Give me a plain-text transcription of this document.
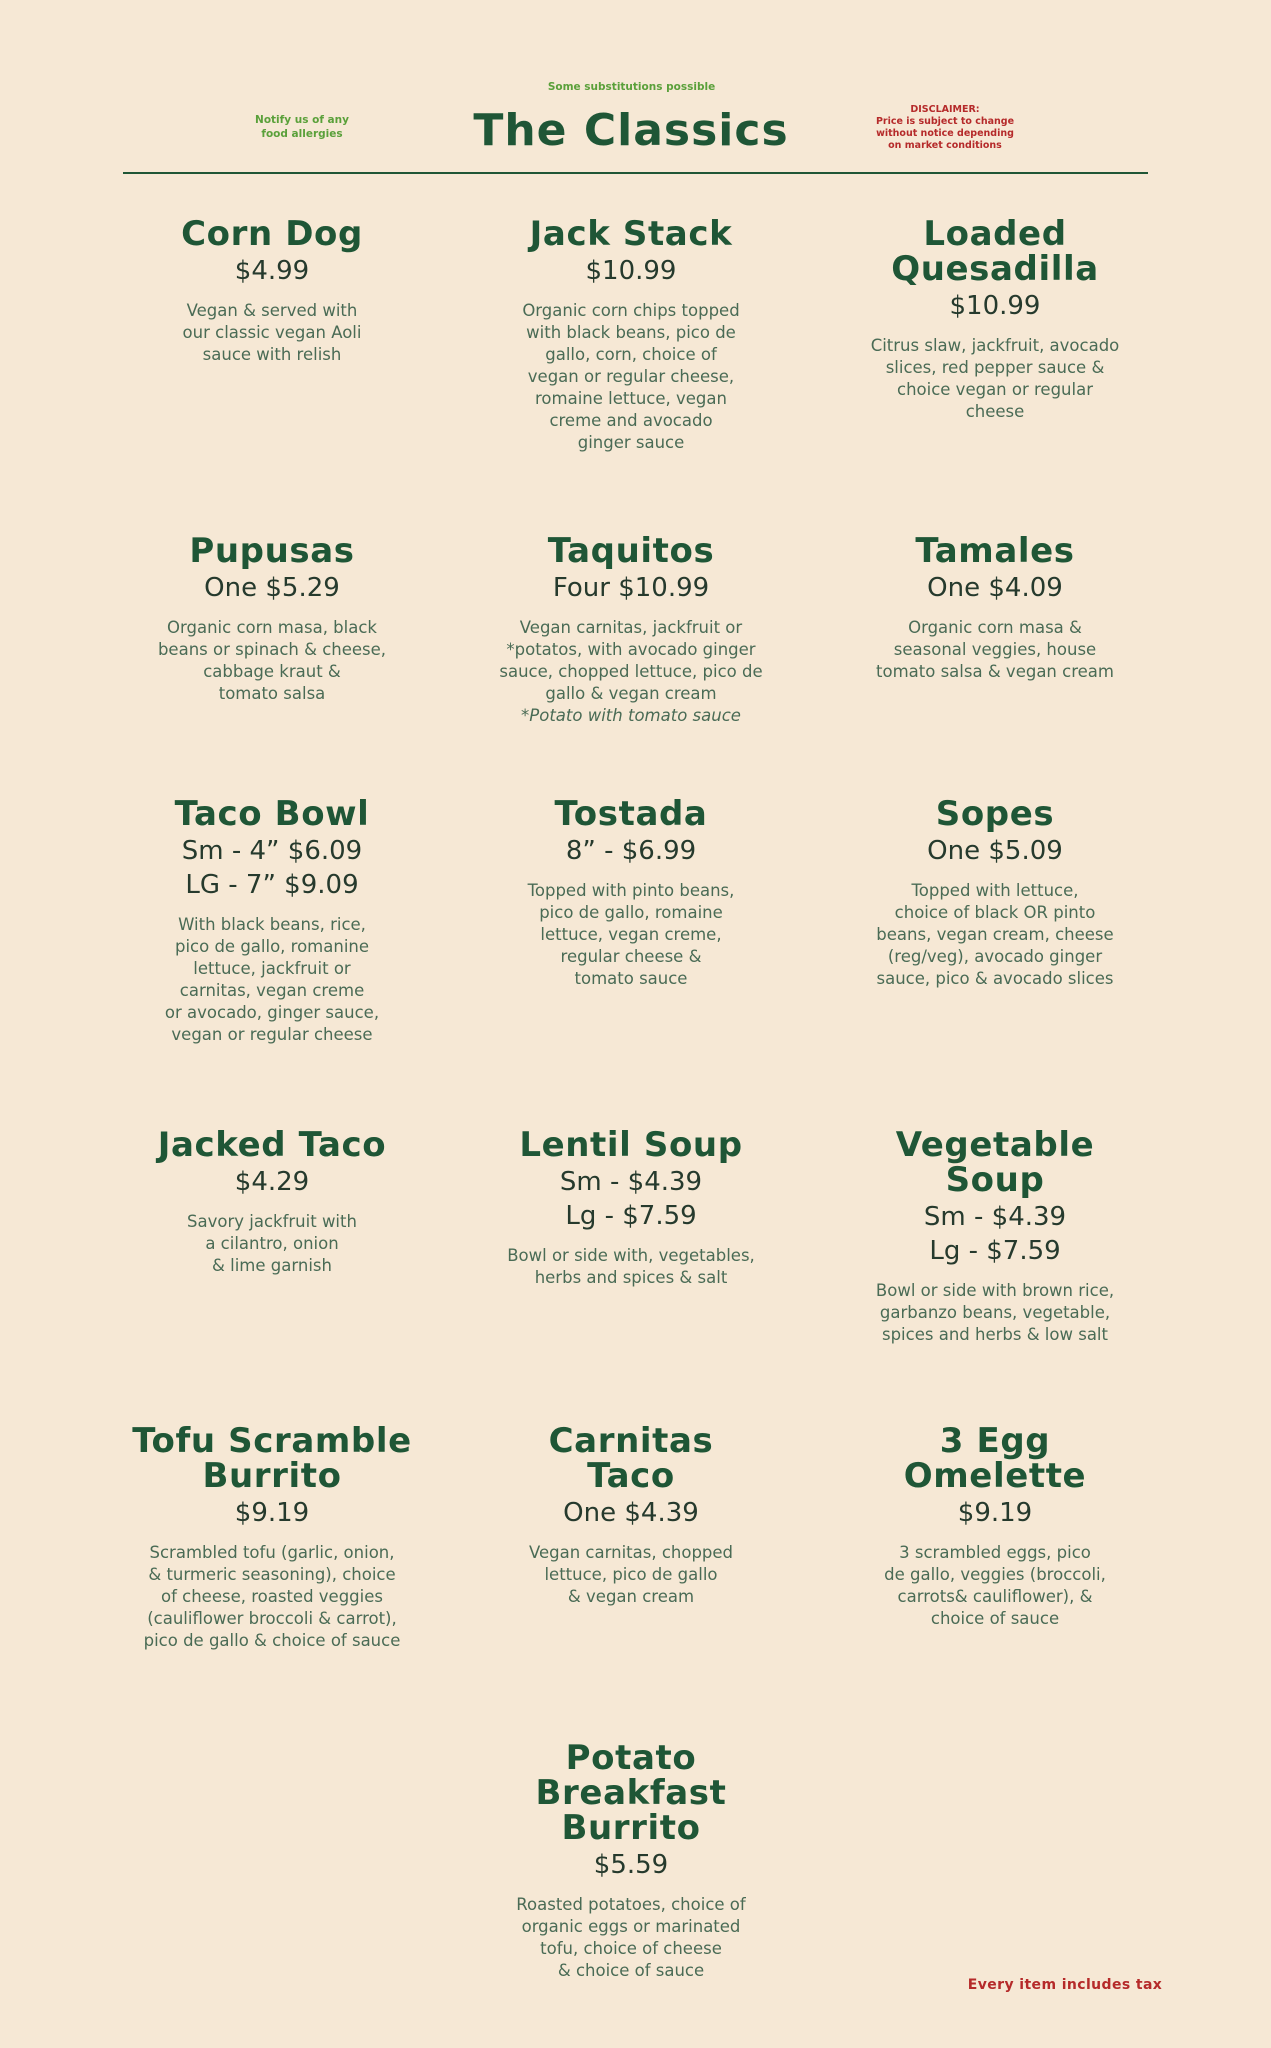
Some substitutions possible
Notify us of any
food allergies	The Classics	DISCLAIMER:
Price is subject to change
without notice depending
on market conditions
Corn Dog
$4.99
Vegan & served with
our classic vegan Aoli
sauce with relish
Jack Stack
$10.99
Organic corn chips topped
with black beans, pico de
gallo, corn, choice of
vegan or regular cheese,
romaine lettuce, vegan
creme and avocado
ginger sauce
Loaded
Quesadilla
$10.99
Citrus slaw, jackfruit, avocado
slices, red pepper sauce &
choice vegan or regular
cheese
Pupusas
One $5.29
Organic corn masa, black
beans or spinach & cheese,
cabbage kraut &
tomato salsa
Taquitos
Four $10.99
Vegan carnitas, jackfruit or
*potatos, with avocado ginger
sauce, chopped lettuce, pico de
gallo & vegan cream
*Potato with tomato sauce
Tamales
One $4.09
Organic corn masa &
seasonal veggies, house
tomato salsa & vegan cream
Taco Bowl
Sm - 4” $6.09
LG - 7” $9.09
With black beans, rice,
pico de gallo, romanine
lettuce, jackfruit or
carnitas, vegan creme
or avocado, ginger sauce,
vegan or regular cheese
Tostada
8” - $6.99
Topped with pinto beans,
pico de gallo, romaine
lettuce, vegan creme,
regular cheese &
tomato sauce
Sopes
One $5.09
Topped with lettuce,
choice of black OR pinto
beans, vegan cream, cheese
(reg/veg), avocado ginger
sauce, pico & avocado slices
Jacked Taco
$4.29
Savory jackfruit with
a cilantro, onion
& lime garnish
Lentil Soup
Sm - $4.39
Lg - $7.59
Bowl or side with, vegetables,
herbs and spices & salt
Vegetable
Soup
Sm - $4.39
Lg - $7.59
Bowl or side with brown rice,
garbanzo beans, vegetable,
spices and herbs & low salt
Tofu Scramble
Burrito
$9.19
Scrambled tofu (garlic, onion,
& turmeric seasoning), choice
of cheese, roasted veggies
(cauliflower broccoli & carrot),
pico de gallo & choice of sauce
Carnitas
Taco
One $4.39
Vegan carnitas, chopped
lettuce, pico de gallo
& vegan cream
3 Egg
Omelette
$9.19
3 scrambled eggs, pico
de gallo, veggies (broccoli,
carrots& cauliflower), &
choice of sauce
Potato Breakfast
Burrito
$5.59
Roasted potatoes, choice of
organic eggs or marinated
tofu, choice of cheese
& choice of sauce
Every item includes tax
